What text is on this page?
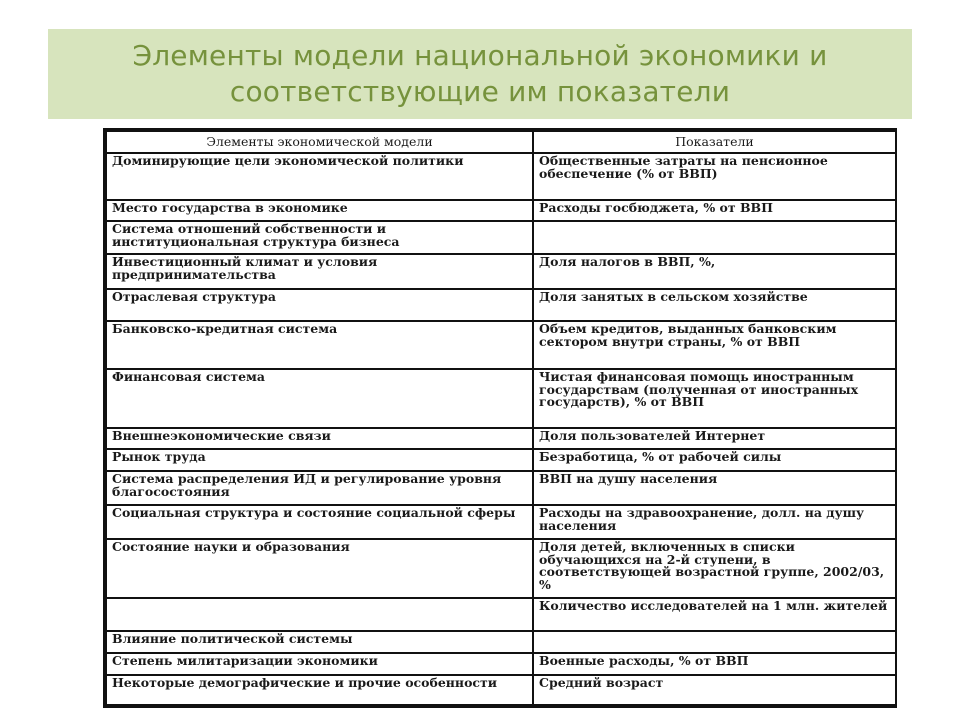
Элементы модели национальной экономики и
соответствующие им показатели
Элементы экономической модели	Показатели
Доминирующие цели экономической политики	Общественные затраты на пенсионное обеспечение (% от ВВП)
Место государства в экономике	Расходы госбюджета, % от ВВП
Система отношений собственности и институциональная структура бизнеса	
Инвестиционный климат и условия предпринимательства	Доля налогов в ВВП, %,
Отраслевая структура	Доля занятых в сельском хозяйстве
Банковско-кредитная система	Объем кредитов, выданных банковским сектором внутри страны, % от ВВП
Финансовая система	Чистая финансовая помощь иностранным государствам (полученная от иностранных государств), % от ВВП
Внешнеэкономические связи	Доля пользователей Интернет
Рынок труда	Безработица, % от рабочей силы
Система распределения ИД и регулирование уровня благосостояния	ВВП на душу населения
Социальная структура и состояние социальной сферы	Расходы на здравоохранение, долл. на душу населения
Состояние науки и образования	Доля детей, включенных в списки обучающихся на 2-й ступени, в соответствующей возрастной группе, 2002/03, %
	Количество исследователей на 1 млн. жителей
Влияние политической системы	
Степень милитаризации экономики	Военные расходы, % от ВВП
Некоторые демографические и прочие особенности	Средний возраст
